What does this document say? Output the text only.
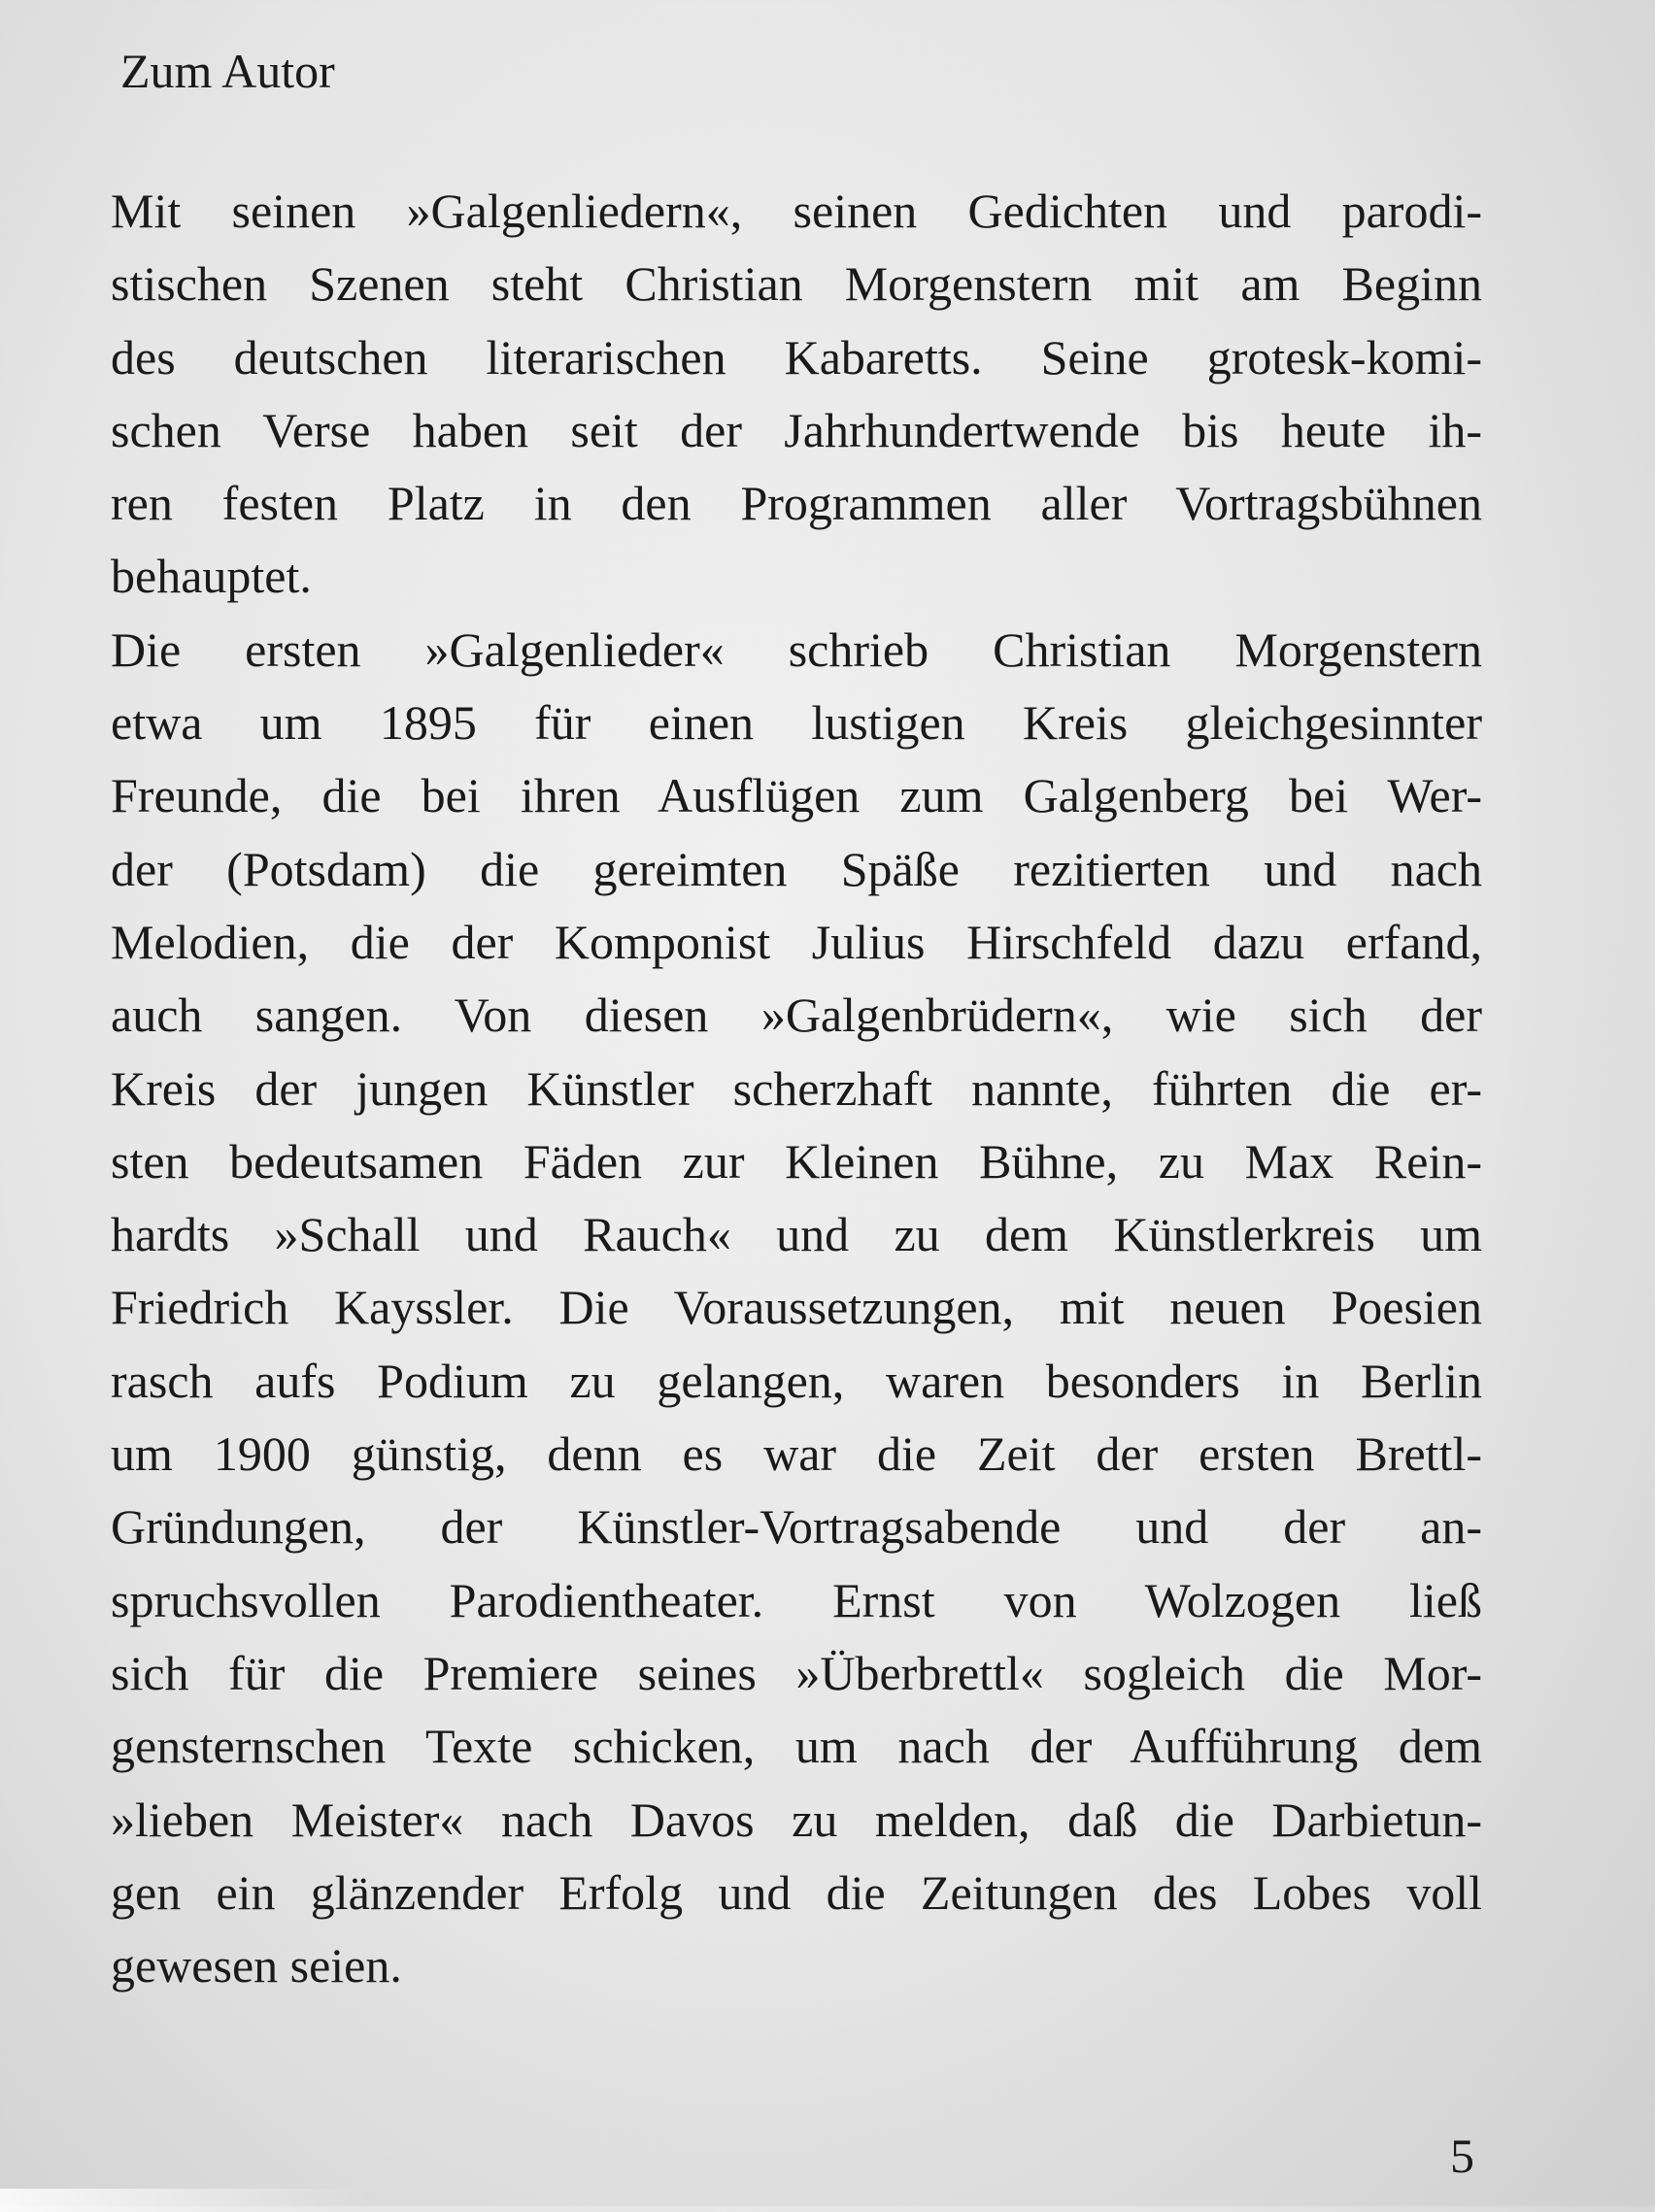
Zum Autor
Mit seinen »Galgenliedern«, seinen Gedichten und parodi-
stischen Szenen steht Christian Morgenstern mit am Beginn
des deutschen literarischen Kabaretts. Seine grotesk-komi-
schen Verse haben seit der Jahrhundertwende bis heute ih-
ren festen Platz in den Programmen aller Vortragsbühnen
behauptet.
Die ersten »Galgenlieder« schrieb Christian Morgenstern
etwa um 1895 für einen lustigen Kreis gleichgesinnter
Freunde, die bei ihren Ausflügen zum Galgenberg bei Wer-
der (Potsdam) die gereimten Späße rezitierten und nach
Melodien, die der Komponist Julius Hirschfeld dazu erfand,
auch sangen. Von diesen »Galgenbrüdern«, wie sich der
Kreis der jungen Künstler scherzhaft nannte, führten die er-
sten bedeutsamen Fäden zur Kleinen Bühne, zu Max Rein-
hardts »Schall und Rauch« und zu dem Künstlerkreis um
Friedrich Kayssler. Die Voraussetzungen, mit neuen Poesien
rasch aufs Podium zu gelangen, waren besonders in Berlin
um 1900 günstig, denn es war die Zeit der ersten Brettl-
Gründungen, der Künstler-Vortragsabende und der an-
spruchsvollen Parodientheater. Ernst von Wolzogen ließ
sich für die Premiere seines »Überbrettl« sogleich die Mor-
gensternschen Texte schicken, um nach der Aufführung dem
»lieben Meister« nach Davos zu melden, daß die Darbietun-
gen ein glänzender Erfolg und die Zeitungen des Lobes voll
gewesen seien.
5
